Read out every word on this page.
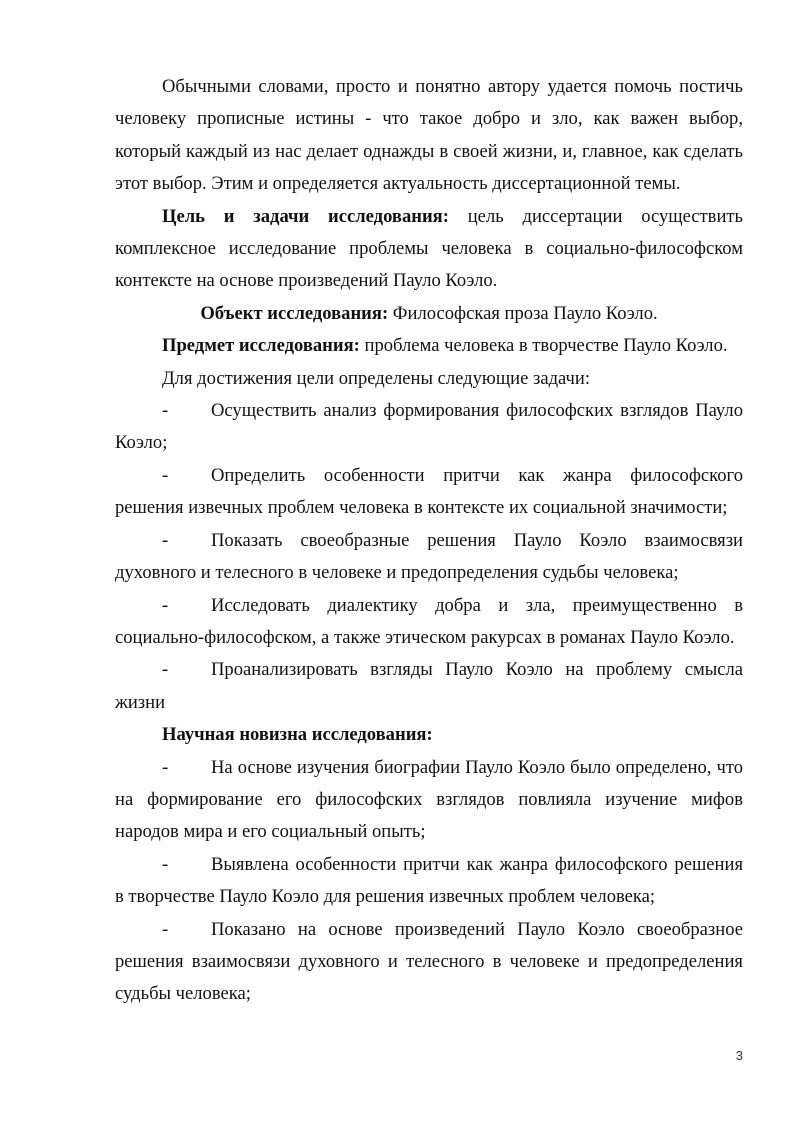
Обычными словами, просто и понятно автору удается помочь постичь человеку прописные истины - что такое добро и зло, как важен выбор, который каждый из нас делает однажды в своей жизни, и, главное, как сделать этот выбор. Этим и определяется актуальность диссертационной темы.

Цель и задачи исследования: цель диссертации осуществить комплексное исследование проблемы человека в социально-философском контексте на основе произведений Пауло Коэло.

Объект исследования: Философская проза Пауло Коэло.

Предмет исследования: проблема человека в творчестве Пауло Коэло.

Для достижения цели определены следующие задачи:

- Осуществить анализ формирования философских взглядов Пауло Коэло;

- Определить особенности притчи как жанра философского решения извечных проблем человека в контексте их социальной значимости;

- Показать своеобразные решения Пауло Коэло взаимосвязи духовного и телесного в человеке и предопределения судьбы человека;

- Исследовать диалектику добра и зла, преимущественно в социально-философском, а также этическом ракурсах в романах Пауло Коэло.

- Проанализировать взгляды Пауло Коэло на проблему смысла жизни

Научная новизна исследования:

- На основе изучения биографии Пауло Коэло было определено, что на формирование его философских взглядов повлияла изучение мифов народов мира и его социальный опыть;

- Выявлена особенности притчи как жанра философского решения в творчестве Пауло Коэло для решения извечных проблем человека;

- Показано на основе произведений Пауло Коэло своеобразное решения взаимосвязи духовного и телесного в человеке и предопределения судьбы человека;

3
